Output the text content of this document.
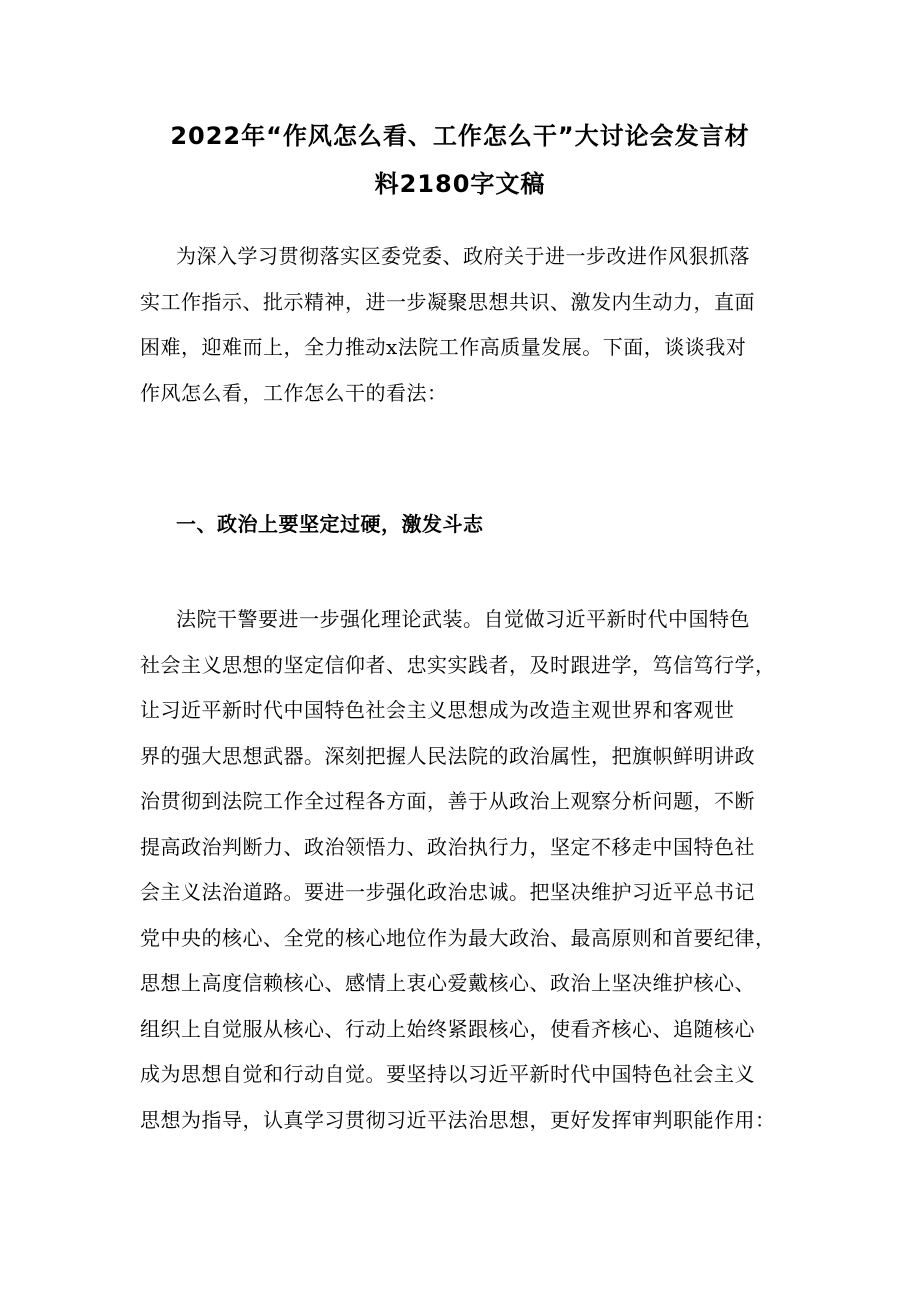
2022年“作风怎么看、工作怎么干”大讨论会发言材
料2180字文稿
为深入学习贯彻落实区委党委、政府关于进一步改进作风狠抓落
实工作指示、批示精神，进一步凝聚思想共识、激发内生动力，直面
困难，迎难而上，全力推动x法院工作高质量发展。下面，谈谈我对
作风怎么看，工作怎么干的看法：
一、政治上要坚定过硬，激发斗志
法院干警要进一步强化理论武装。自觉做习近平新时代中国特色
社会主义思想的坚定信仰者、忠实实践者，及时跟进学，笃信笃行学，
让习近平新时代中国特色社会主义思想成为改造主观世界和客观世
界的强大思想武器。深刻把握人民法院的政治属性，把旗帜鲜明讲政
治贯彻到法院工作全过程各方面，善于从政治上观察分析问题，不断
提高政治判断力、政治领悟力、政治执行力，坚定不移走中国特色社
会主义法治道路。要进一步强化政治忠诚。把坚决维护习近平总书记
党中央的核心、全党的核心地位作为最大政治、最高原则和首要纪律，
思想上高度信赖核心、感情上衷心爱戴核心、政治上坚决维护核心、
组织上自觉服从核心、行动上始终紧跟核心，使看齐核心、追随核心
成为思想自觉和行动自觉。要坚持以习近平新时代中国特色社会主义
思想为指导，认真学习贯彻习近平法治思想，更好发挥审判职能作用：
